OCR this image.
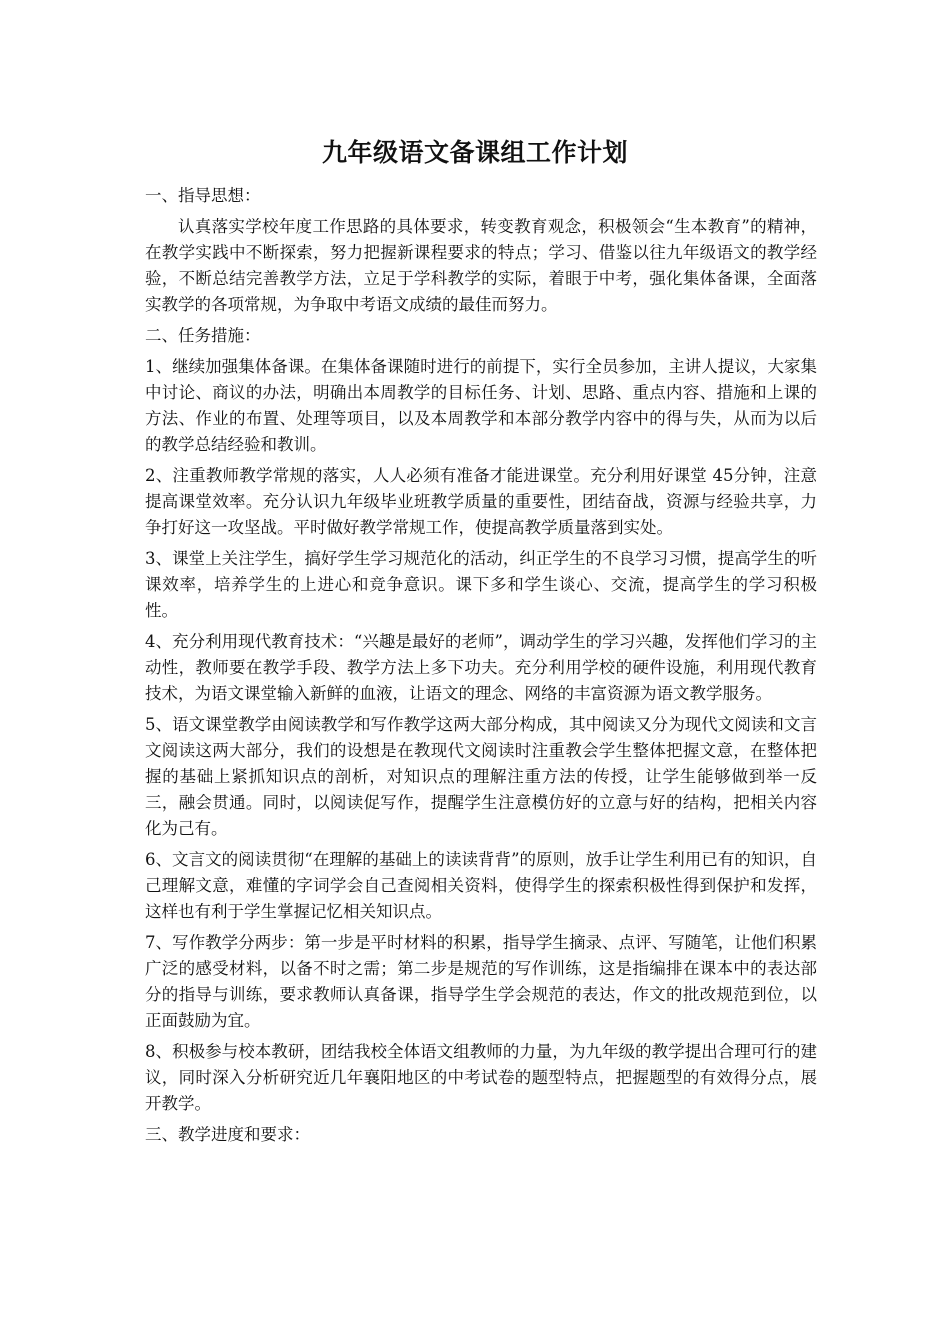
九年级语文备课组工作计划
一、指导思想：
认真落实学校年度工作思路的具体要求，转变教育观念，积极领会“生本教育”的精神，在教学实践中不断探索，努力把握新课程要求的特点；学习、借鉴以往九年级语文的教学经验，不断总结完善教学方法，立足于学科教学的实际，着眼于中考，强化集体备课，全面落实教学的各项常规，为争取中考语文成绩的最佳而努力。
二、任务措施：
1、继续加强集体备课。在集体备课随时进行的前提下，实行全员参加，主讲人提议，大家集中讨论、商议的办法，明确出本周教学的目标任务、计划、思路、重点内容、措施和上课的方法、作业的布置、处理等项目，以及本周教学和本部分教学内容中的得与失，从而为以后的教学总结经验和教训。
2、注重教师教学常规的落实，人人必须有准备才能进课堂。充分利用好课堂 45分钟，注意提高课堂效率。充分认识九年级毕业班教学质量的重要性，团结奋战，资源与经验共享，力争打好这一攻坚战。平时做好教学常规工作，使提高教学质量落到实处。
3、课堂上关注学生，搞好学生学习规范化的活动，纠正学生的不良学习习惯，提高学生的听课效率，培养学生的上进心和竞争意识。课下多和学生谈心、交流，提高学生的学习积极性。
4、充分利用现代教育技术：“兴趣是最好的老师”，调动学生的学习兴趣，发挥他们学习的主动性，教师要在教学手段、教学方法上多下功夫。充分利用学校的硬件设施，利用现代教育技术，为语文课堂输入新鲜的血液，让语文的理念、网络的丰富资源为语文教学服务。
5、语文课堂教学由阅读教学和写作教学这两大部分构成，其中阅读又分为现代文阅读和文言文阅读这两大部分，我们的设想是在教现代文阅读时注重教会学生整体把握文意，在整体把握的基础上紧抓知识点的剖析，对知识点的理解注重方法的传授，让学生能够做到举一反三，融会贯通。同时，以阅读促写作，提醒学生注意模仿好的立意与好的结构，把相关内容化为己有。
6、文言文的阅读贯彻“在理解的基础上的读读背背”的原则，放手让学生利用已有的知识，自己理解文意，难懂的字词学会自己查阅相关资料，使得学生的探索积极性得到保护和发挥，这样也有利于学生掌握记忆相关知识点。
7、写作教学分两步：第一步是平时材料的积累，指导学生摘录、点评、写随笔，让他们积累广泛的感受材料，以备不时之需；第二步是规范的写作训练，这是指编排在课本中的表达部分的指导与训练，要求教师认真备课，指导学生学会规范的表达，作文的批改规范到位，以正面鼓励为宜。
8、积极参与校本教研，团结我校全体语文组教师的力量，为九年级的教学提出合理可行的建议，同时深入分析研究近几年襄阳地区的中考试卷的题型特点，把握题型的有效得分点，展开教学。
三、教学进度和要求：
